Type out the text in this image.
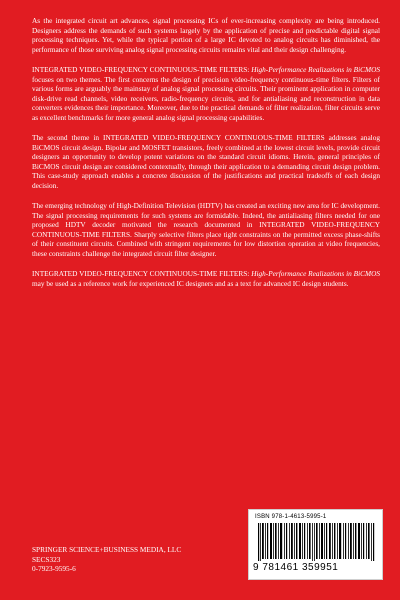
As the integrated circuit art advances, signal processing ICs of ever-increasing complexity are being introduced. Designers address the demands of such systems largely by the application of precise and predictable digital signal processing techniques. Yet, while the typical portion of a large IC devoted to analog circuits has diminished, the performance of those surviving analog signal processing circuits remains vital and their design challenging.

INTEGRATED VIDEO-FREQUENCY CONTINUOUS-TIME FILTERS: High-Performance Realizations in BiCMOS focuses on two themes. The first concerns the design of precision video-frequency continuous-time filters. Filters of various forms are arguably the mainstay of analog signal processing circuits. Their prominent application in computer disk-drive read channels, video receivers, radio-frequency circuits, and for antialiasing and reconstruction in data converters evidences their importance. Moreover, due to the practical demands of filter realization, filter circuits serve as excellent benchmarks for more general analog signal processing capabilities.

The second theme in INTEGRATED VIDEO-FREQUENCY CONTINUOUS-TIME FILTERS addresses analog BiCMOS circuit design. Bipolar and MOSFET transistors, freely combined at the lowest circuit levels, provide circuit designers an opportunity to develop potent variations on the standard circuit idioms. Herein, general principles of BiCMOS circuit design are considered contextually, through their application to a demanding circuit design problem. This case-study approach enables a concrete discussion of the justifications and practical tradeoffs of each design decision.

The emerging technology of High-Definition Television (HDTV) has created an exciting new area for IC development. The signal processing requirements for such systems are formidable. Indeed, the antialiasing filters needed for one proposed HDTV decoder motivated the research documented in INTEGRATED VIDEO-FREQUENCY CONTINUOUS-TIME FILTERS. Sharply selective filters place tight constraints on the permitted excess phase-shifts of their constituent circuits. Combined with stringent requirements for low distortion operation at video frequencies, these constraints challenge the integrated circuit filter designer.

INTEGRATED VIDEO-FREQUENCY CONTINUOUS-TIME FILTERS: High-Performance Realizations in BiCMOS may be used as a reference work for experienced IC designers and as a text for advanced IC design students.

ISBN 978-1-4613-5995-1
9 781461 359951
SPRINGER SCIENCE+BUSINESS MEDIA, LLC
SECS323
0-7923-9595-6
